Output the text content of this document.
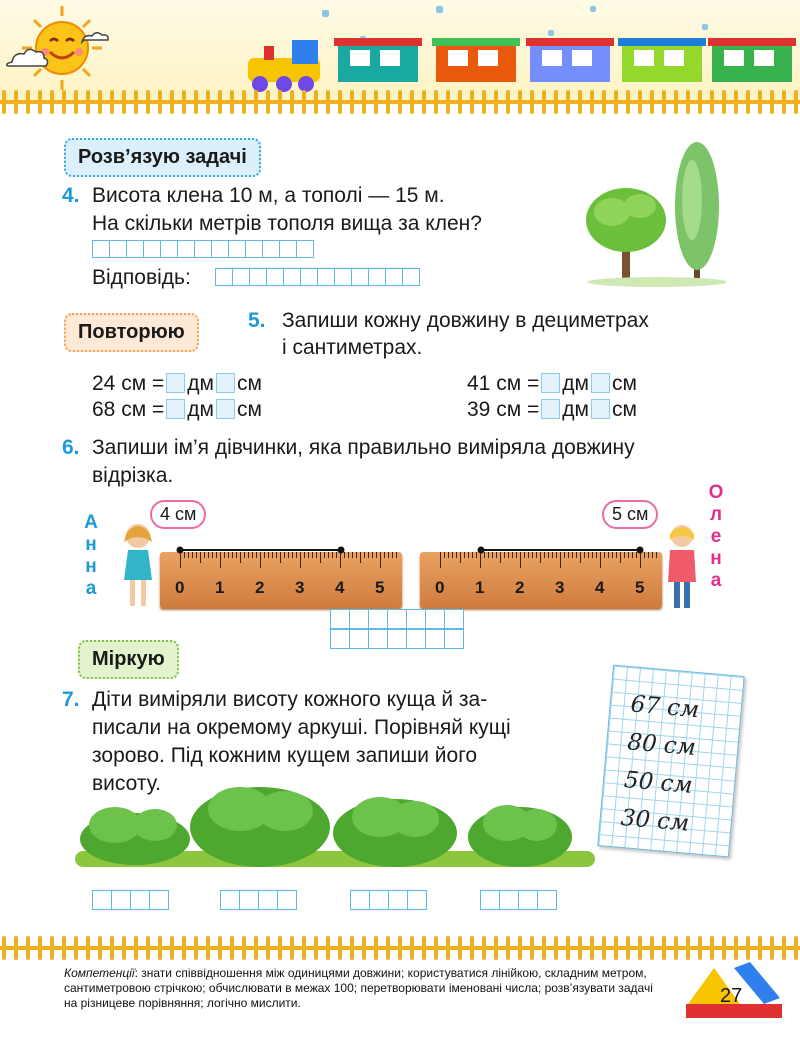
Розв’язую задачі
4. Висота клена 10 м, а тополі — 15 м.
На скільки метрів тополя вища за клен?
Відповідь:
Повторюю	5. Запиши кожну довжину в дециметрах
і сантиметрах.
24 см = дм см	41 см = дм см
68 см = дм см	39 см = дм см
6. Запиши ім’я дівчинки, яка правильно виміряла довжину
відрізка.
А
н
н
а
О
л
е
н
а
4 см	5 см
0 1 2 3 4 5	0 1 2 3 4 5
Міркую
7. Діти виміряли висоту кожного куща й за-
писали на окремому аркуші. Порівняй кущі
зорово. Під кожним кущем запиши його
висоту.
67 см
80 см
50 см
30 см
Компетенції: знати співвідношення між одиницями довжини; користуватися лінійкою, складним метром, сантиметровою стрічкою; обчислювати в межах 100; перетворювати іменовані числа; розв’язувати задачі на різницеве порівняння; логічно мислити.	27
